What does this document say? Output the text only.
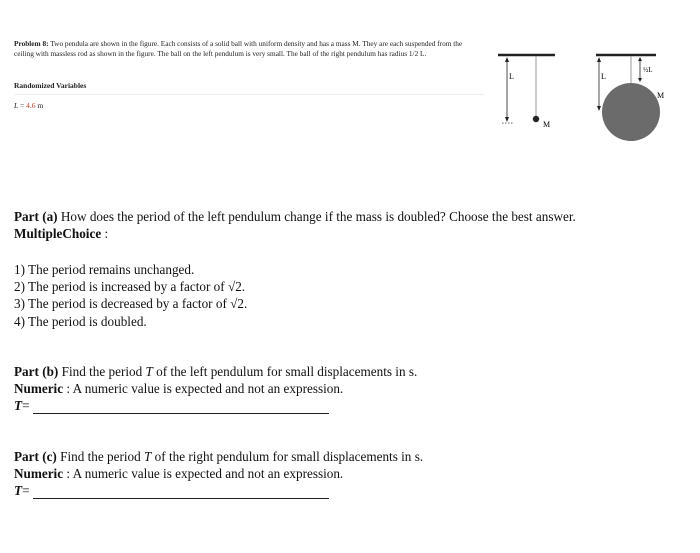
Problem 8: Two pendula are shown in the figure. Each consists of a solid ball with uniform density and has a mass M. They are each suspended from the ceiling with massless rod as shown in the figure. The ball on the left pendulum is very small. The ball of the right pendulum has radius 1/2 L.
Randomized Variables
L = 4.6 m
L
M
L
½L
M
Part (a) How does the period of the left pendulum change if the mass is doubled? Choose the best answer.
MultipleChoice :
1) The period remains unchanged.
2) The period is increased by a factor of √2.
3) The period is decreased by a factor of √2.
4) The period is doubled.
Part (b) Find the period T of the left pendulum for small displacements in s.
Numeric : A numeric value is expected and not an expression.
T =
Part (c) Find the period T of the right pendulum for small displacements in s.
Numeric : A numeric value is expected and not an expression.
T =
